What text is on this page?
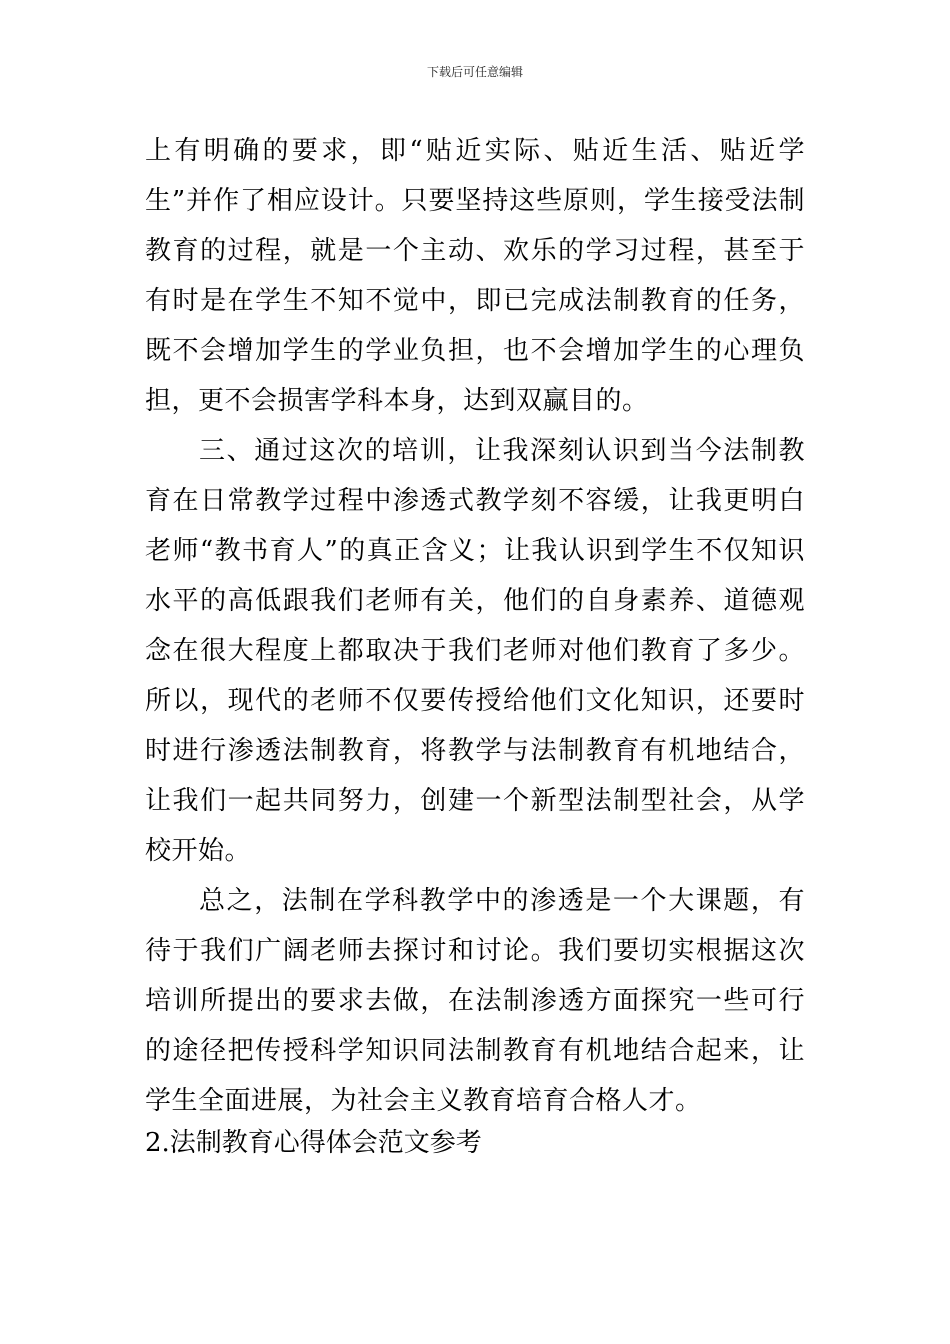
下载后可任意编辑

上有明确的要求，即“贴近实际、贴近生活、贴近学生”并作了相应设计。只要坚持这些原则，学生接受法制教育的过程，就是一个主动、欢乐的学习过程，甚至于有时是在学生不知不觉中，即已完成法制教育的任务，既不会增加学生的学业负担，也不会增加学生的心理负担，更不会损害学科本身，达到双赢目的。

三、通过这次的培训，让我深刻认识到当今法制教育在日常教学过程中渗透式教学刻不容缓，让我更明白老师“教书育人”的真正含义；让我认识到学生不仅知识水平的高低跟我们老师有关，他们的自身素养、道德观念在很大程度上都取决于我们老师对他们教育了多少。所以，现代的老师不仅要传授给他们文化知识，还要时时进行渗透法制教育，将教学与法制教育有机地结合，让我们一起共同努力，创建一个新型法制型社会，从学校开始。

总之，法制在学科教学中的渗透是一个大课题，有待于我们广阔老师去探讨和讨论。我们要切实根据这次培训所提出的要求去做，在法制渗透方面探究一些可行的途径把传授科学知识同法制教育有机地结合起来，让学生全面进展，为社会主义教育培育合格人才。

2.法制教育心得体会范文参考
